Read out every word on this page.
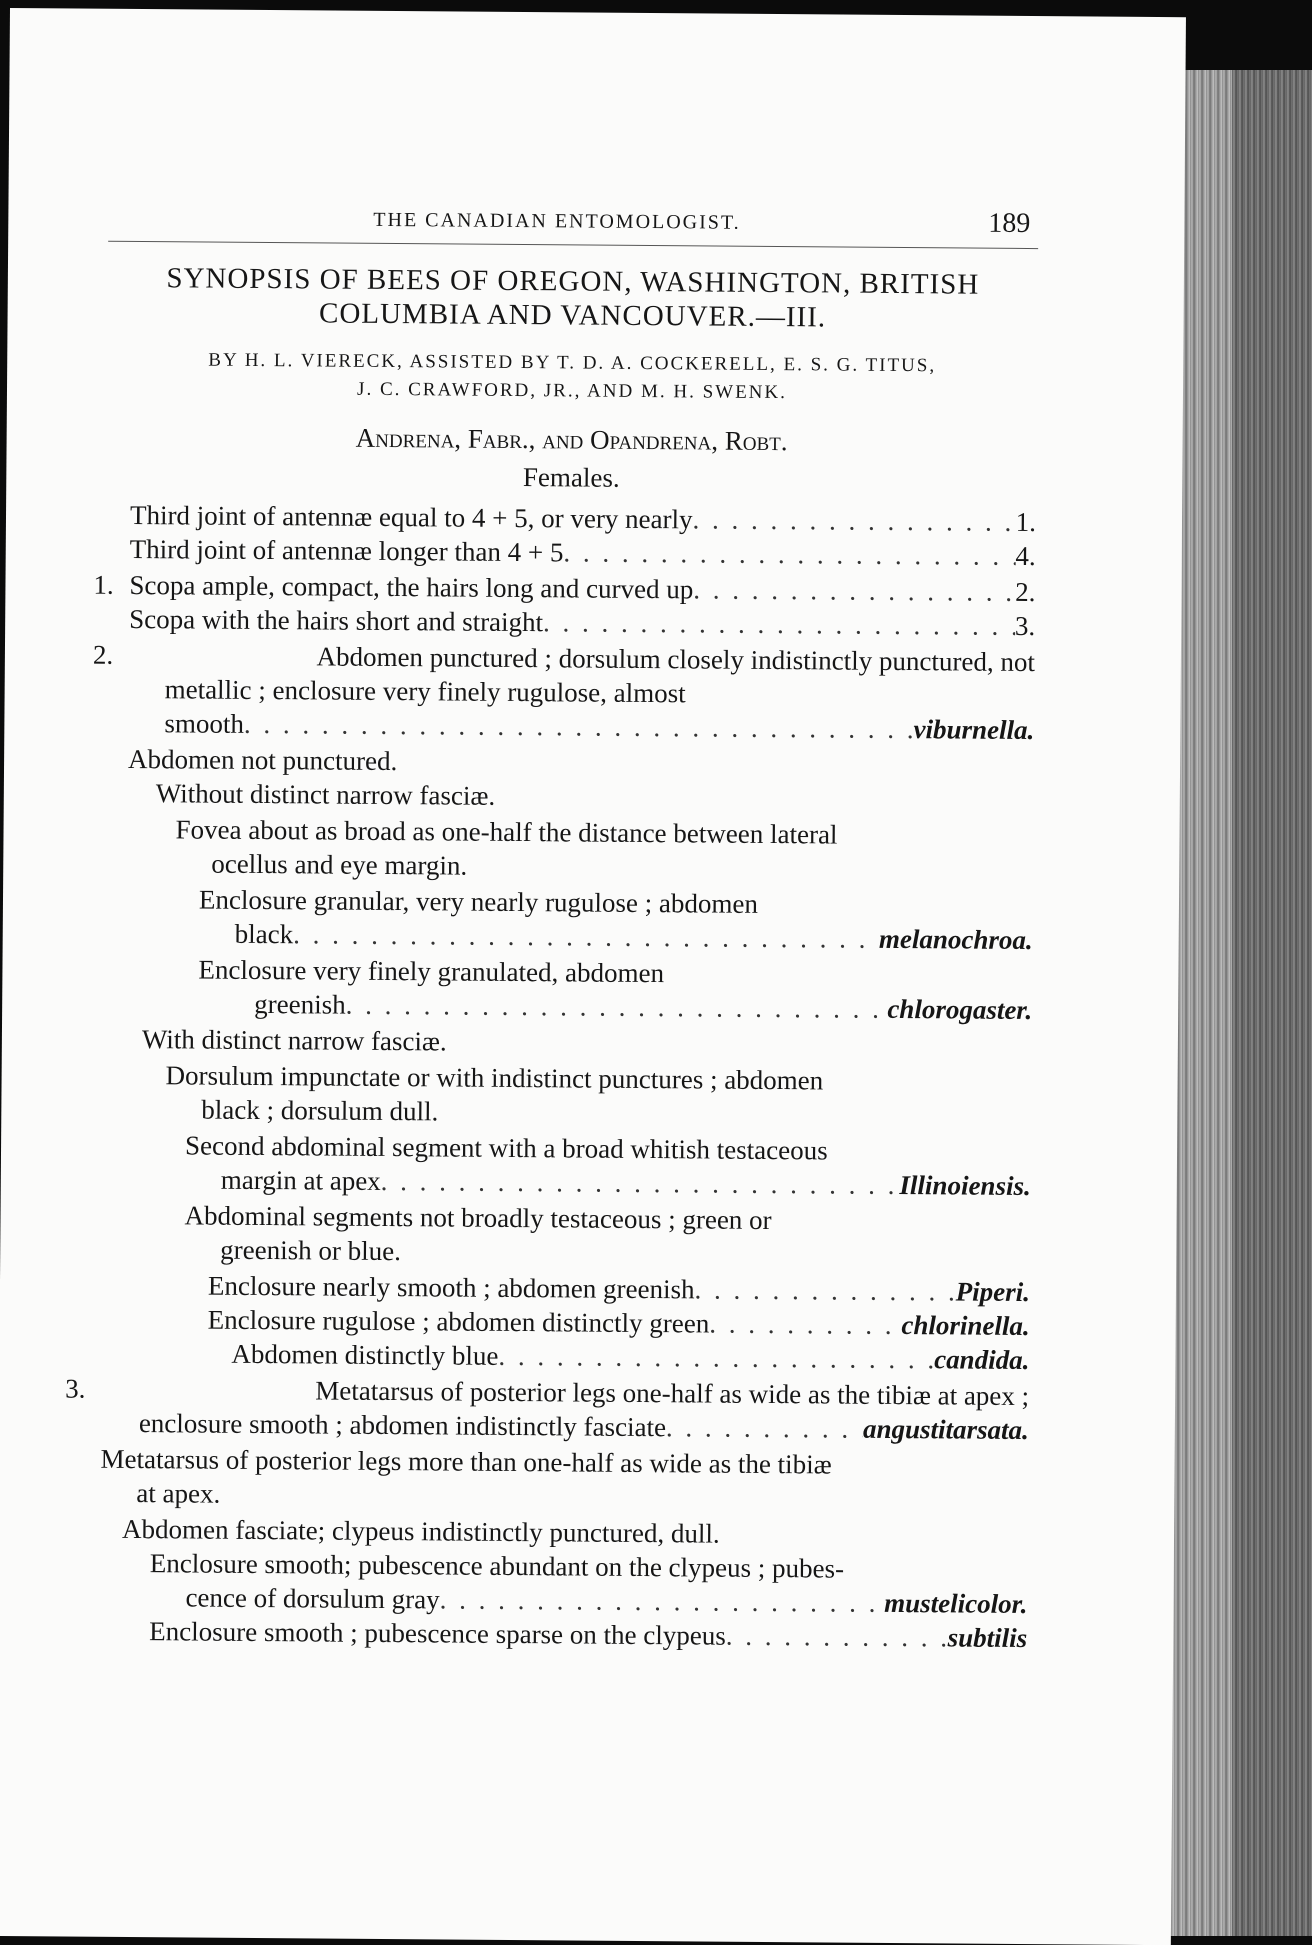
THE CANADIAN ENTOMOLOGIST.	189
SYNOPSIS OF BEES OF OREGON, WASHINGTON, BRITISH
COLUMBIA AND VANCOUVER.—III.
BY H. L. VIERECK, ASSISTED BY T. D. A. COCKERELL, E. S. G. TITUS,
J. C. CRAWFORD, JR., AND M. H. SWENK.
Andrena, Fabr., and Opandrena, Robt.
Females.
Third joint of antennæ equal to 4 + 5, or very nearly . . .	1.
Third joint of antennæ longer than 4 + 5 . . .	4.
1. Scopa ample, compact, the hairs long and curved up . . .	2.
Scopa with the hairs short and straight . . .	3.
2.	Abdomen punctured ; dorsulum closely indistinctly punctured, not
metallic ; enclosure very finely rugulose, almost
smooth . . .	viburnella.
Abdomen not punctured.
Without distinct narrow fasciæ.
Fovea about as broad as one-half the distance between lateral
ocellus and eye margin.
Enclosure granular, very nearly rugulose ; abdomen
black . . .	melanochroa.
Enclosure very finely granulated, abdomen
greenish . . .	chlorogaster.
With distinct narrow fasciæ.
Dorsulum impunctate or with indistinct punctures ; abdomen
black ; dorsulum dull.
Second abdominal segment with a broad whitish testaceous
margin at apex . . .	Illinoiensis.
Abdominal segments not broadly testaceous ; green or
greenish or blue.
Enclosure nearly smooth ; abdomen greenish . . .	Piperi.
Enclosure rugulose ; abdomen distinctly green . . .	chlorinella.
Abdomen distinctly blue . . .	candida.
3.	Metatarsus of posterior legs one-half as wide as the tibiæ at apex ;
enclosure smooth ; abdomen indistinctly fasciate . . .	angustitarsata.
Metatarsus of posterior legs more than one-half as wide as the tibiæ
at apex.
Abdomen fasciate; clypeus indistinctly punctured, dull.
Enclosure smooth; pubescence abundant on the clypeus ; pubes-
cence of dorsulum gray . . .	mustelicolor.
Enclosure smooth ; pubescence sparse on the clypeus . . .	subtilis
